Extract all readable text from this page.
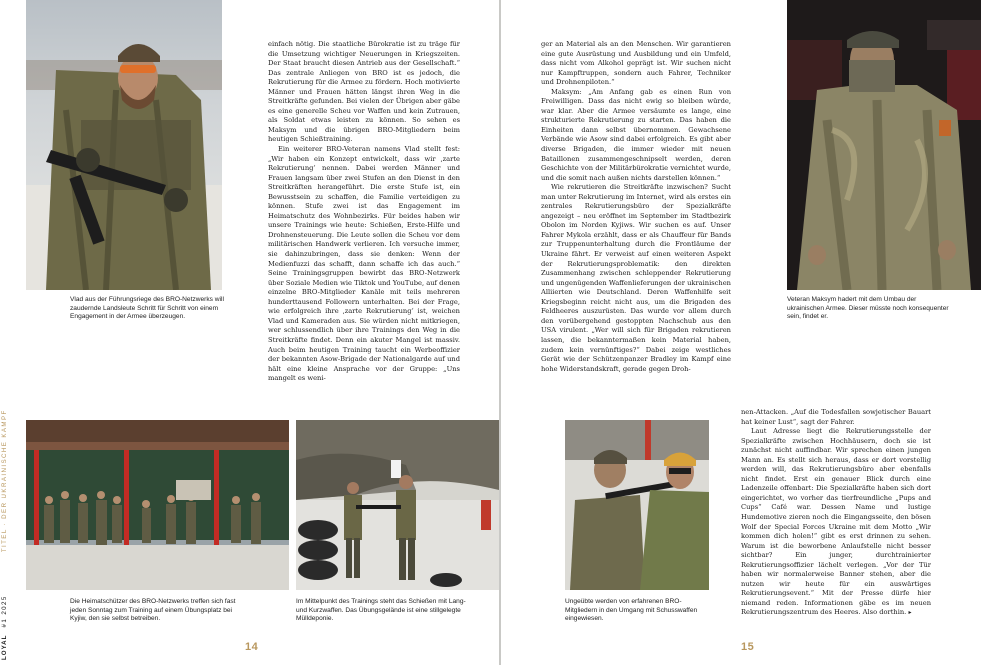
LOYAL #1 2025 TITEL · DER UKRAINISCHE KAMPF
Vlad aus der Führungsriege des BRO-Netzwerks will zaudernde Landsleute Schritt für Schritt von einem Engagement in der Armee überzeugen.

einfach nötig. Die staatliche Bürokratie ist zu träge für die Umsetzung wichtiger Neuerungen in Kriegszeiten. Der Staat braucht diesen Antrieb aus der Gesellschaft.“ Das zentrale Anliegen von BRO ist es jedoch, die Rekrutierung für die Armee zu fördern. Hoch motivierte Männer und Frauen hätten längst ihren Weg in die Streitkräfte gefunden. Bei vielen der Übrigen aber gäbe es eine generelle Scheu vor Waffen und kein Zutrauen, als Soldat etwas leisten zu können. So sehen es Maksym und die übrigen BRO-Mitgliedern beim heutigen Schießtraining.

Ein weiterer BRO-Veteran namens Vlad stellt fest: „Wir haben ein Konzept entwickelt, dass wir ‚zarte Rekrutierung‘ nennen. Dabei werden Männer und Frauen langsam über zwei Stufen an den Dienst in den Streitkräften herangeführt. Die erste Stufe ist, ein Bewusstsein zu schaffen, die Familie verteidigen zu können. Stufe zwei ist das Engagement im Heimatschutz des Wohnbezirks. Für beides haben wir unsere Trainings wie heute: Schießen, Erste-Hilfe und Drohnensteuerung. Die Leute sollen die Scheu vor dem militärischen Handwerk verlieren. Ich versuche immer, sie dahinzubringen, dass sie denken: Wenn der Medienfuzzi das schafft, dann schaffe ich das auch.“ Seine Trainingsgruppen bewirbt das BRO-Netzwerk über Soziale Medien wie Tiktok und YouTube, auf denen einzelne BRO-Mitglieder Kanäle mit teils mehreren hunderttausend Followern unterhalten. Bei der Frage, wie erfolgreich ihre ‚zarte Rekrutierung‘ ist, weichen Vlad und Kameraden aus. Sie würden nicht mitkriegen, wer schlussendlich über ihre Trainings den Weg in die Streitkräfte findet. Denn ein akuter Mangel ist massiv. Auch beim heutigen Training taucht ein Werbeoffizier der bekannten Asow-Brigade der Nationalgarde auf und hält eine kleine Ansprache vor der Gruppe: „Uns mangelt es weni-

Die Heimatschützer des BRO-Netzwerks treffen sich fast jeden Sonntag zum Training auf einem Übungsplatz bei Kyjiw, den sie selbst betreiben.
Im Mittelpunkt des Trainings steht das Schießen mit Lang- und Kurzwaffen. Das Übungsgelände ist eine stillgelegte Mülldeponie.
14

ger an Material als an den Menschen. Wir garantieren eine gute Ausrüstung und Ausbildung und ein Umfeld, dass nicht vom Alkohol geprägt ist. Wir suchen nicht nur Kampftruppen, sondern auch Fahrer, Techniker und Drohnenpiloten.“

Maksym: „Am Anfang gab es einen Run von Freiwilligen. Dass das nicht ewig so bleiben würde, war klar. Aber die Armee versäumte es lange, eine strukturierte Rekrutierung zu starten. Das haben die Einheiten dann selbst übernommen. Gewachsene Verbände wie Asow sind dabei erfolgreich. Es gibt aber diverse Brigaden, die immer wieder mit neuen Bataillonen zusammengeschnipselt werden, deren Geschichte von der Militärbürokratie vernichtet wurde, und die somit nach außen nichts darstellen können.“

Wie rekrutieren die Streitkräfte inzwischen? Sucht man unter Rekrutierung im Internet, wird als erstes ein zentrales Rekrutierungsbüro der Spezialkräfte angezeigt – neu eröffnet im September im Stadtbezirk Obolon im Norden Kyjiws. Wir suchen es auf. Unser Fahrer Mykola erzählt, dass er als Chauffeur für Bands zur Truppenunterhaltung durch die Frontläume der Ukraine fährt. Er verweist auf einen weiteren Aspekt der Rekrutierungsproblematik: den direkten Zusammenhang zwischen schleppender Rekrutierung und ungenügenden Waffenlieferungen der ukrainischen Alliierten wie Deutschland. Deren Waffenhilfe seit Kriegsbeginn reicht nicht aus, um die Brigaden des Feldheeres auszurüsten. Das wurde vor allem durch den vorübergehend gestoppten Nachschub aus den USA virulent. „Wer will sich für Brigaden rekrutieren lassen, die bekanntermaßen kein Material haben, zudem kein vernünftiges?“ Dabei zeige westliches Gerät wie der Schützenpanzer Bradley im Kampf eine hohe Widerstandskraft, gerade gegen Droh-

Veteran Maksym hadert mit dem Umbau der ukrainischen Armee. Dieser müsste noch konsequenter sein, findet er.
Ungeübte werden von erfahrenen BRO-Mitgliedern in den Umgang mit Schusswaffen eingewiesen.

nen-Attacken. „Auf die Todesfallen sowjetischer Bauart hat keiner Lust“, sagt der Fahrer.

Laut Adresse liegt die Rekrutierungsstelle der Spezialkräfte zwischen Hochhäusern, doch sie ist zunächst nicht auffindbar. Wir sprechen einen jungen Mann an. Es stellt sich heraus, dass er dort vorstellig werden will, das Rekrutierungsbüro aber ebenfalls nicht findet. Erst ein genauer Blick durch eine Ladenzeile offenbart: Die Spezialkräfte haben sich dort eingerichtet, wo vorher das tierfreundliche „Pups and Cups“ Café war. Dessen Name und lustige Hundemotive zieren noch die Eingangsseite, den bösen Wolf der Special Forces Ukraine mit dem Motto „Wir kommen dich holen!“ gibt es erst drinnen zu sehen. Warum ist die beworbene Anlaufstelle nicht besser sichtbar? Ein junger, durchtrainierter Rekrutierungsoffizier lächelt verlegen. „Vor der Tür haben wir normalerweise Banner stehen, aber die nutzen wir heute für ein auswärtiges Rekrutierungsevent.“ Mit der Presse dürfe hier niemand reden. Informationen gäbe es im neuen Rekrutierungszentrum des Heeres. Also dorthin. ▸

15
